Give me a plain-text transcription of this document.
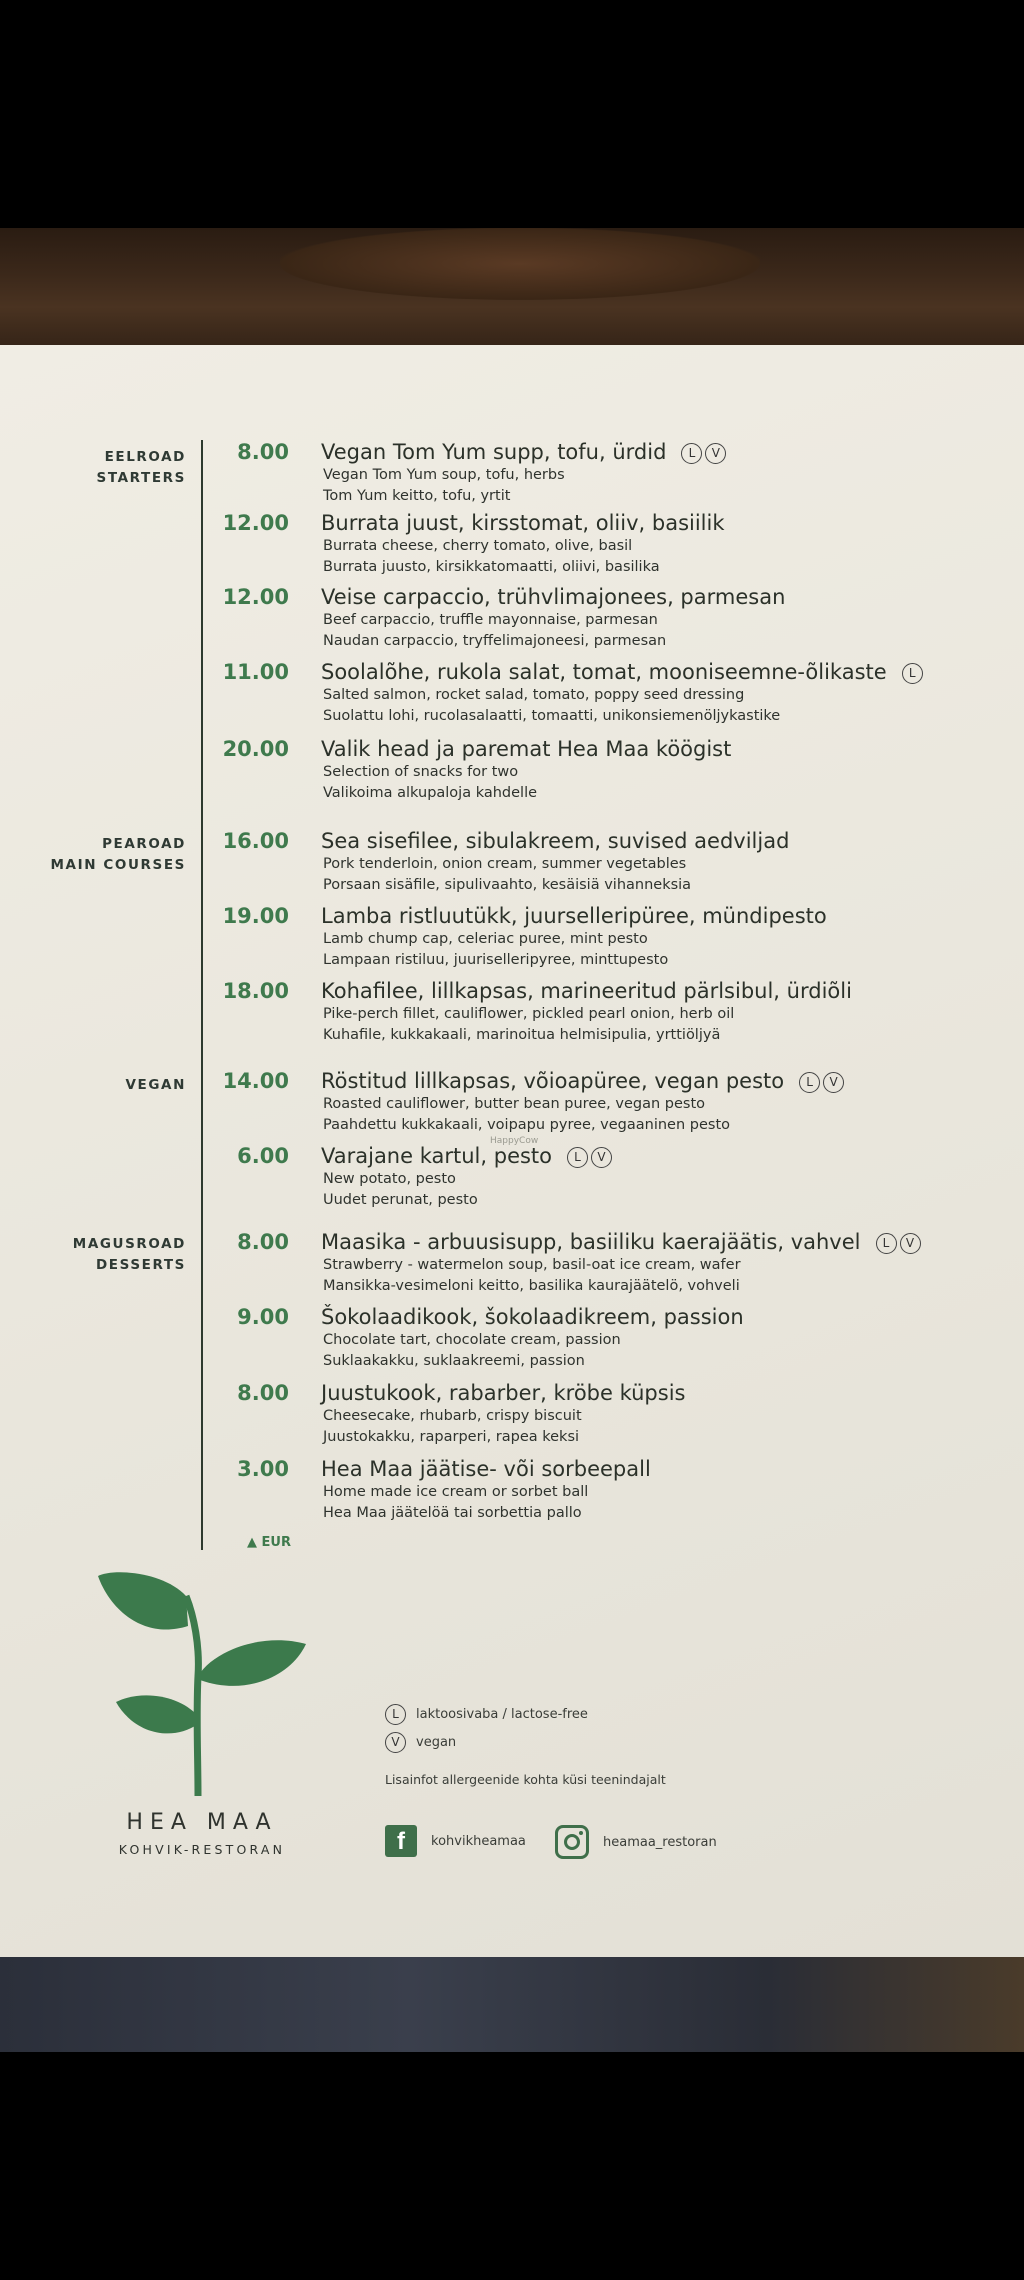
EELROAD
STARTERS
PEAROAD
MAIN COURSES
VEGAN
MAGUSROAD
DESSERTS
8.00 Vegan Tom Yum supp, tofu, ürdid L V
Vegan Tom Yum soup, tofu, herbs
Tom Yum keitto, tofu, yrtit
12.00 Burrata juust, kirsstomat, oliiv, basiilik
Burrata cheese, cherry tomato, olive, basil
Burrata juusto, kirsikkatomaatti, oliivi, basilika
12.00 Veise carpaccio, trühvlimajonees, parmesan
Beef carpaccio, truffle mayonnaise, parmesan
Naudan carpaccio, tryffelimajoneesi, parmesan
11.00 Soolalõhe, rukola salat, tomat, mooniseemne-õlikaste L
Salted salmon, rocket salad, tomato, poppy seed dressing
Suolattu lohi, rucolasalaatti, tomaatti, unikonsiemenöljykastike
20.00 Valik head ja paremat Hea Maa köögist
Selection of snacks for two
Valikoima alkupaloja kahdelle
16.00 Sea sisefilee, sibulakreem, suvised aedviljad
Pork tenderloin, onion cream, summer vegetables
Porsaan sisäfile, sipulivaahto, kesäisiä vihanneksia
19.00 Lamba ristluutükk, juurselleripüree, mündipesto
Lamb chump cap, celeriac puree, mint pesto
Lampaan ristiluu, juuriselleripyree, minttupesto
18.00 Kohafilee, lillkapsas, marineeritud pärlsibul, ürdiõli
Pike-perch fillet, cauliflower, pickled pearl onion, herb oil
Kuhafile, kukkakaali, marinoitua helmisipulia, yrttiöljyä
14.00 Röstitud lillkapsas, võioapüree, vegan pesto L V
Roasted cauliflower, butter bean puree, vegan pesto
Paahdettu kukkakaali, voipapu pyree, vegaaninen pesto
6.00 Varajane kartul, pesto L V
New potato, pesto
Uudet perunat, pesto
8.00 Maasika - arbuusisupp, basiiliku kaerajäätis, vahvel L V
Strawberry - watermelon soup, basil-oat ice cream, wafer
Mansikka-vesimeloni keitto, basilika kaurajäätelö, vohveli
9.00 Šokolaadikook, šokolaadikreem, passion
Chocolate tart, chocolate cream, passion
Suklaakakku, suklaakreemi, passion
8.00 Juustukook, rabarber, kröbe küpsis
Cheesecake, rhubarb, crispy biscuit
Juustokakku, raparperi, rapea keksi
3.00 Hea Maa jäätise- või sorbeepall
Home made ice cream or sorbet ball
Hea Maa jäätelöä tai sorbettia pallo
HappyCow
▲ EUR
HEA MAA
KOHVIK-RESTORAN
L laktoosivaba / lactose-free
V vegan
Lisainfot allergeenide kohta küsi teenindajalt
f	kohvikheamaa	heamaa_restoran
